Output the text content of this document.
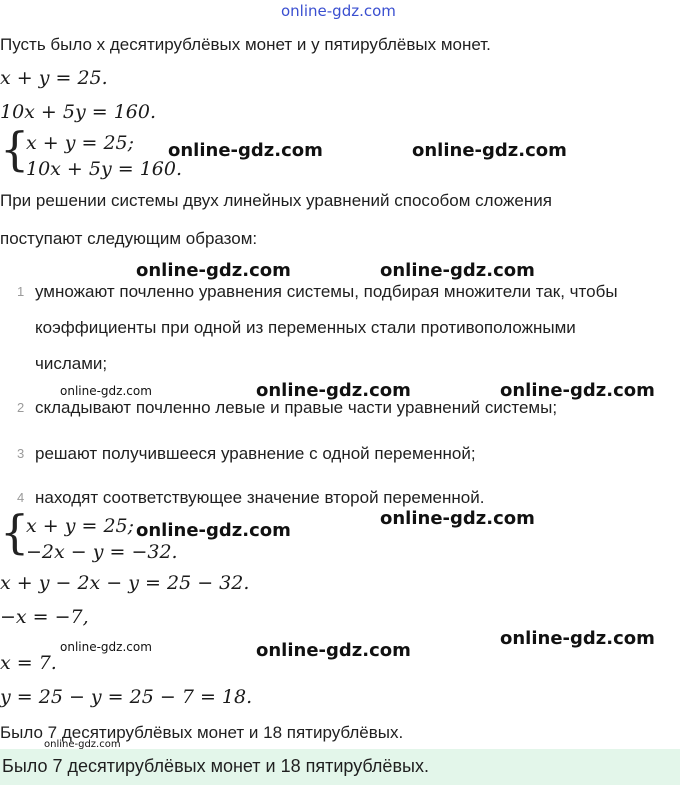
online-gdz.com
Пусть было x десятирублёвых монет и y пятирублёвых монет.
x + y = 25.
10x + 5y = 160.
{
x + y = 25;
10x + 5y = 160.
При решении системы двух линейных уравнений способом сложения
поступают следующим образом:
1 умножают почленно уравнения системы, подбирая множители так, чтобы
коэффициенты при одной из переменных стали противоположными
числами;
2 складывают почленно левые и правые части уравнений системы;
3 решают получившееся уравнение с одной переменной;
4 находят соответствующее значение второй переменной.
{
x + y = 25;
−2x − y = −32.
x + y − 2x − y = 25 − 32.
−x = −7,
x = 7.
y = 25 − y = 25 − 7 = 18.
Было 7 десятирублёвых монет и 18 пятирублёвых.
Было 7 десятирублёвых монет и 18 пятирублёвых.
online-gdz.com	online-gdz.com
online-gdz.com	online-gdz.com
online-gdz.com	online-gdz.com	online-gdz.com
online-gdz.com
online-gdz.com
online-gdz.com	online-gdz.com
online-gdz.com
online-gdz.com
